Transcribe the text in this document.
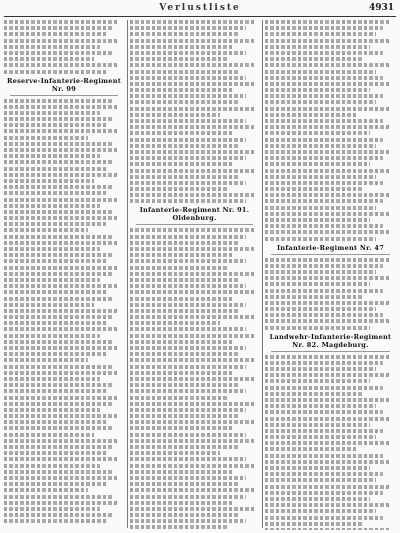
Verlustliste	4931
Reserve-Infanterie-Regiment Nr. 99
Infanterie-Regiment Nr. 91. Oldenburg.
Infanterie-Regiment Nr. 47
Landwehr-Infanterie-Regiment Nr. 82. Magdeburg.
